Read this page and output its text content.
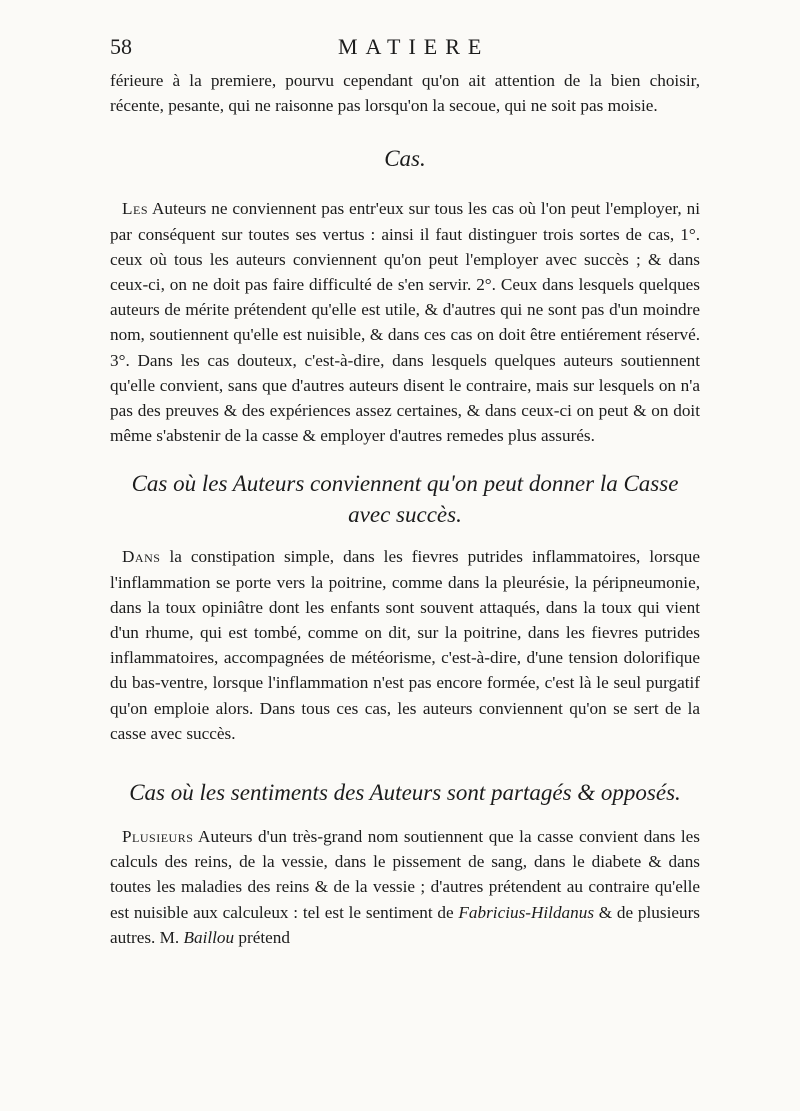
58	MATIERE

férieure à la premiere, pourvu cependant qu'on ait attention de la bien choisir, récente, pesante, qui ne raisonne pas lorsqu'on la secoue, qui ne soit pas moisie.

Cas.

Les Auteurs ne conviennent pas entr'eux sur tous les cas où l'on peut l'employer, ni par conséquent sur toutes ses vertus : ainsi il faut distinguer trois sortes de cas, 1°. ceux où tous les auteurs conviennent qu'on peut l'employer avec succès ; & dans ceux-ci, on ne doit pas faire difficulté de s'en servir. 2°. Ceux dans lesquels quelques auteurs de mérite prétendent qu'elle est utile, & d'autres qui ne sont pas d'un moindre nom, soutiennent qu'elle est nuisible, & dans ces cas on doit être entiérement réservé. 3°. Dans les cas douteux, c'est-à-dire, dans lesquels quelques auteurs soutiennent qu'elle convient, sans que d'autres auteurs disent le contraire, mais sur lesquels on n'a pas des preuves & des expériences assez certaines, & dans ceux-ci on peut & on doit même s'abstenir de la casse & employer d'autres remedes plus assurés.

Cas où les Auteurs conviennent qu'on peut donner la Casse avec succès.

Dans la constipation simple, dans les fievres putrides inflammatoires, lorsque l'inflammation se porte vers la poitrine, comme dans la pleurésie, la péripneumonie, dans la toux opiniâtre dont les enfants sont souvent attaqués, dans la toux qui vient d'un rhume, qui est tombé, comme on dit, sur la poitrine, dans les fievres putrides inflammatoires, accompagnées de météorisme, c'est-à-dire, d'une tension dolorifique du bas-ventre, lorsque l'inflammation n'est pas encore formée, c'est là le seul purgatif qu'on emploie alors. Dans tous ces cas, les auteurs conviennent qu'on se sert de la casse avec succès.

Cas où les sentiments des Auteurs sont partagés & opposés.

Plusieurs Auteurs d'un très-grand nom soutiennent que la casse convient dans les calculs des reins, de la vessie, dans le pissement de sang, dans le diabete & dans toutes les maladies des reins & de la vessie ; d'autres prétendent au contraire qu'elle est nuisible aux calculeux : tel est le sentiment de Fabricius-Hildanus & de plusieurs autres. M. Baillou prétend
